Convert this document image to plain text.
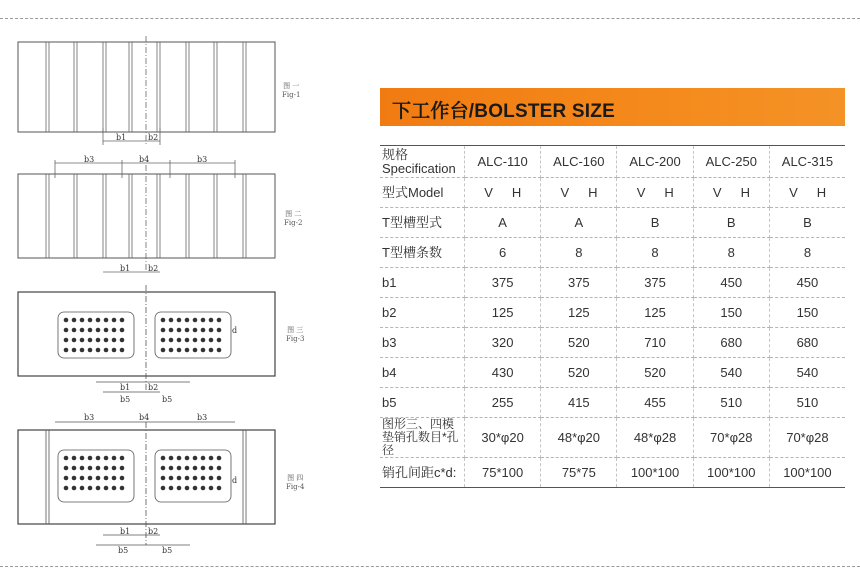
b1	b2
图 一
Fig-1
b3	b4	b3
b1 b2
图 二
Fig-2
b1 b2
b5	b5
d	图 三
Fig-3
b3	b4	b3
b1 b2
b5	b5
d	图 四
Fig-4
下工作台/BOLSTER SIZE
规格
Specification	ALC-110	ALC-160	ALC-200	ALC-250	ALC-315
型式Model	V H	V H	V H	V H	V H
T型槽型式	A	A	B	B	B
T型槽条数	6	8	8	8	8
b1	375	375	375	450	450
b2	125	125	125	150	150
b3	320	520	710	680	680
b4	430	520	520	540	540
b5	255	415	455	510	510
图形三、四模垫销孔数目*孔径	30*φ20	48*φ20	48*φ28	70*φ28	70*φ28
销孔间距c*d:	75*100	75*75	100*100	100*100	100*100
